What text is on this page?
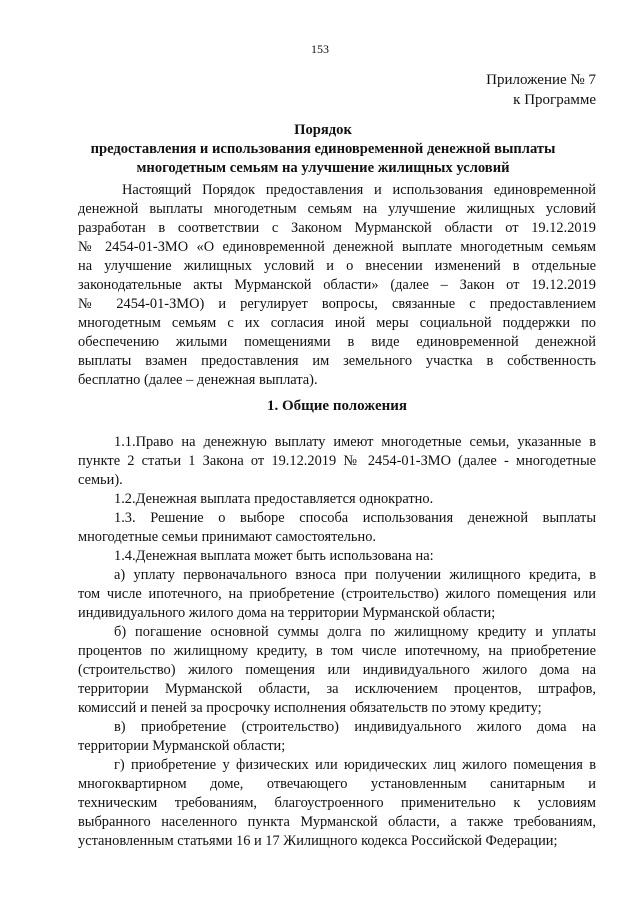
153
Приложение № 7
к Программе
Порядок
предоставления и использования единовременной денежной выплаты
многодетным семьям на улучшение жилищных условий
Настоящий Порядок предоставления и использования единовременной
денежной выплаты многодетным семьям на улучшение жилищных условий
разработан в соответствии с Законом Мурманской области от 19.12.2019
№ 2454-01-ЗМО «О единовременной денежной выплате многодетным семьям
на улучшение жилищных условий и о внесении изменений в отдельные
законодательные акты Мурманской области» (далее – Закон от 19.12.2019
№ 2454-01-ЗМО) и регулирует вопросы, связанные с предоставлением
многодетным семьям с их согласия иной меры социальной поддержки по
обеспечению жилыми помещениями в виде единовременной денежной
выплаты взамен предоставления им земельного участка в собственность
бесплатно (далее – денежная выплата).
1. Общие положения
1.1.Право на денежную выплату имеют многодетные семьи, указанные в
пункте 2 статьи 1 Закона от 19.12.2019 № 2454-01-ЗМО (далее - многодетные
семьи).
1.2.Денежная выплата предоставляется однократно.
1.3. Решение о выборе способа использования денежной выплаты
многодетные семьи принимают самостоятельно.
1.4.Денежная выплата может быть использована на:
а) уплату первоначального взноса при получении жилищного кредита, в
том числе ипотечного, на приобретение (строительство) жилого помещения или
индивидуального жилого дома на территории Мурманской области;
б) погашение основной суммы долга по жилищному кредиту и уплаты
процентов по жилищному кредиту, в том числе ипотечному, на приобретение
(строительство) жилого помещения или индивидуального жилого дома на
территории Мурманской области, за исключением процентов, штрафов,
комиссий и пеней за просрочку исполнения обязательств по этому кредиту;
в) приобретение (строительство) индивидуального жилого дома на
территории Мурманской области;
г) приобретение у физических или юридических лиц жилого помещения в
многоквартирном доме, отвечающего установленным санитарным и
техническим требованиям, благоустроенного применительно к условиям
выбранного населенного пункта Мурманской области, а также требованиям,
установленным статьями 16 и 17 Жилищного кодекса Российской Федерации;
